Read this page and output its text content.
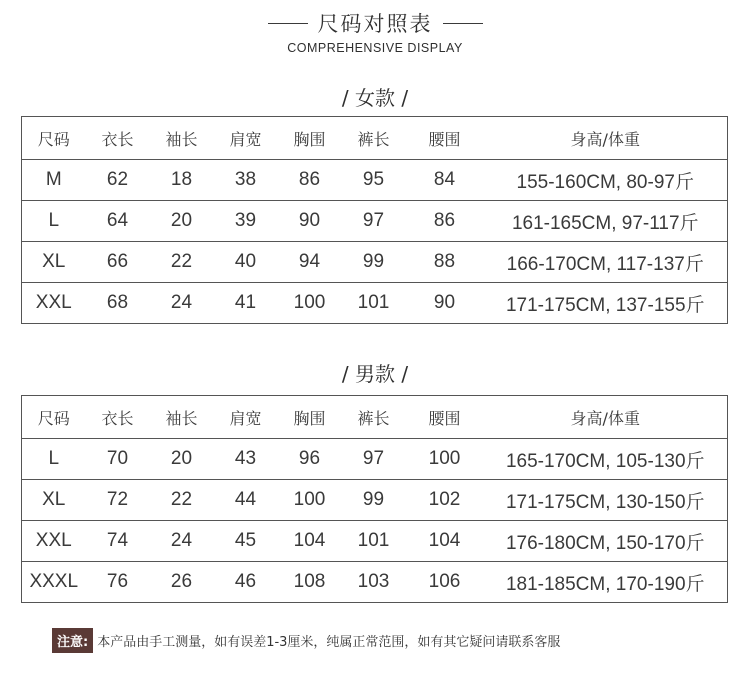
尺码对照表
COMPREHENSIVE DISPLAY
/ 女款 /
尺码	衣长	袖长	肩宽	胸围	裤长	腰围	身高/体重
M	62	18	38	86	95	84	155-160CM, 80-97斤
L	64	20	39	90	97	86	161-165CM, 97-117斤
XL	66	22	40	94	99	88	166-170CM, 117-137斤
XXL	68	24	41	100	101	90	171-175CM, 137-155斤
/ 男款 /
尺码	衣长	袖长	肩宽	胸围	裤长	腰围	身高/体重
L	70	20	43	96	97	100	165-170CM, 105-130斤
XL	72	22	44	100	99	102	171-175CM, 130-150斤
XXL	74	24	45	104	101	104	176-180CM, 150-170斤
XXXL	76	26	46	108	103	106	181-185CM, 170-190斤
注意: 本产品由手工测量，如有误差1-3厘米，纯属正常范围，如有其它疑问请联系客服
